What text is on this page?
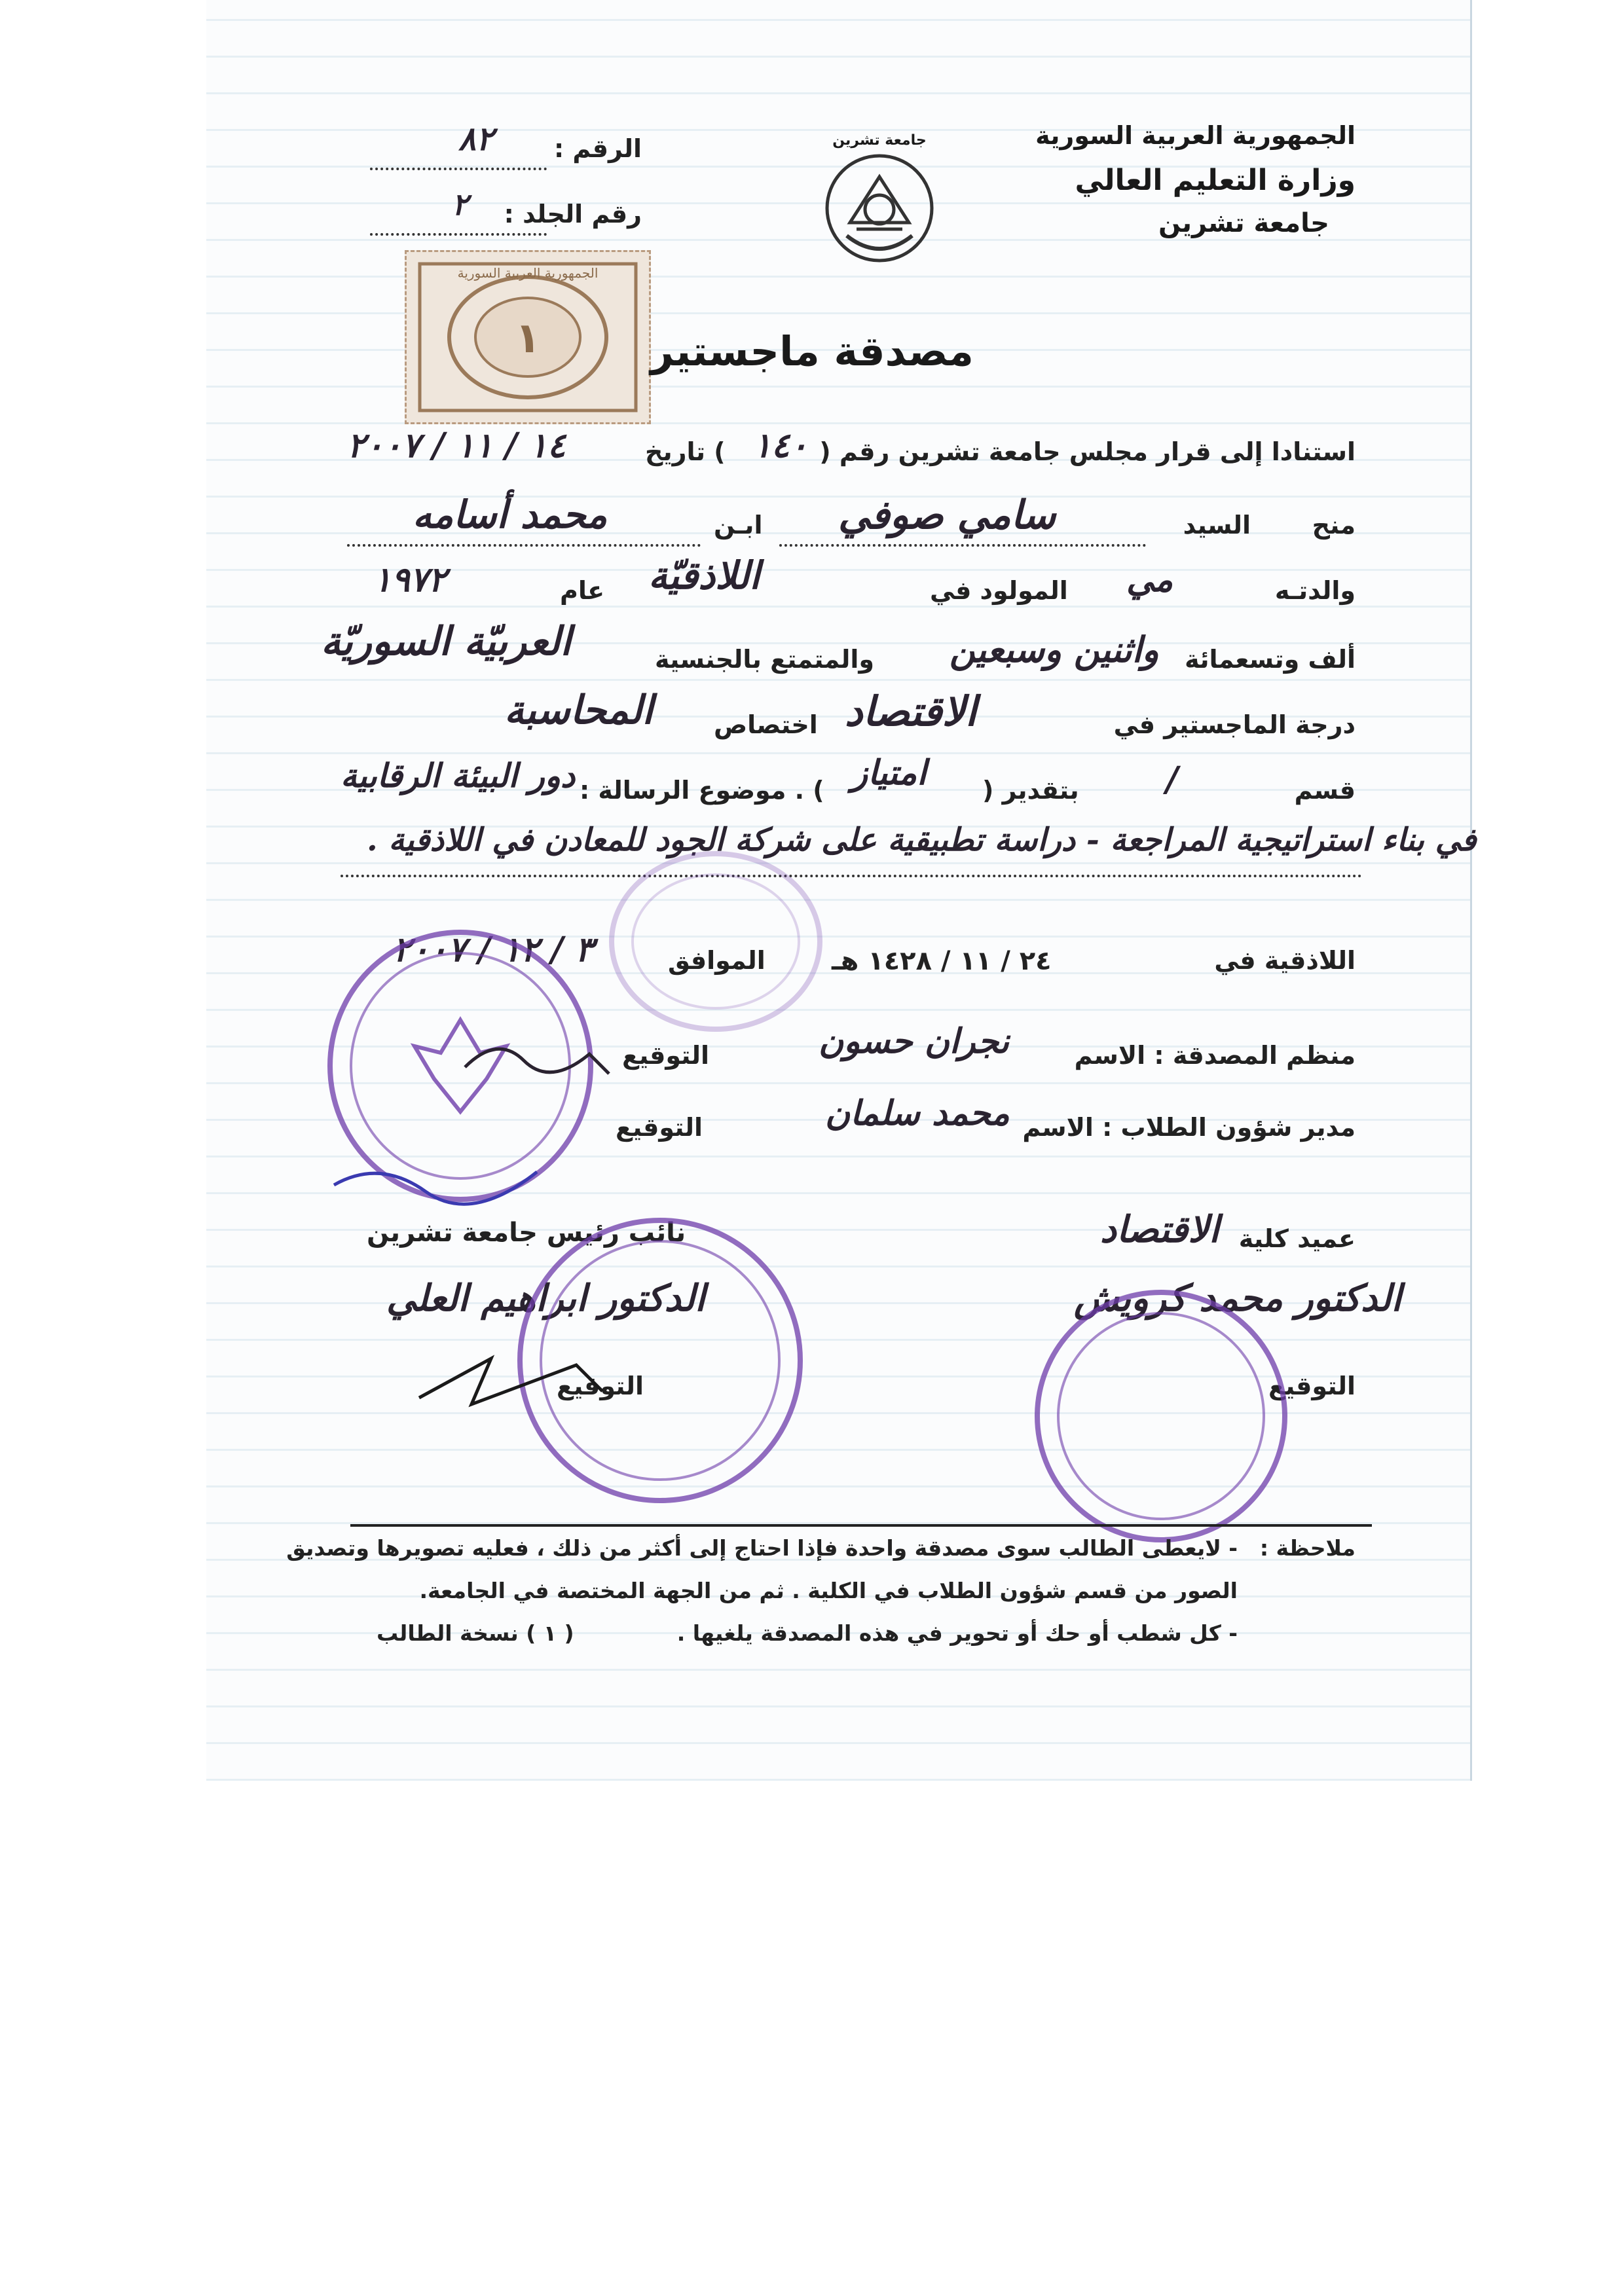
الجمهورية العربية السورية
وزارة التعليم العالي
جامعة تشرين
جامعة تشرين
الرقم :
٨٢
رقم الجلد :
٢
الجمهورية العربية السورية
١	مصدقة ماجستير
استنادا إلى قرار مجلس جامعة تشرين رقم (
١٤٠
) تاريخ
١٤ / ١١ / ٢٠٠٧
منح
السيد
سامي صوفي
ابـن
محمد أسامه
والدتـه
مي
المولود في
اللاذقيّة
عام
١٩٧٢
ألف وتسعمائة
واثنين وسبعين
والمتمتع بالجنسية
العربيّة السوريّة
درجة الماجستير في
الاقتصاد
اختصاص
المحاسبة
قسم
/
بتقدير (
امتياز
) . موضوع الرسالة :
دور البيئة الرقابية
في بناء استراتيجية المراجعة - دراسة تطبيقية على شركة الجود للمعادن في اللاذقية .
اللاذقية في
٢٤ / ١١ / ١٤٢٨ هـ
الموافق
٣ / ١٢ / ٢٠٠٧
منظم المصدقة : الاسم
نجران حسون
التوقيع
مدير شؤون الطلاب : الاسم
محمد سلمان
التوقيع
عميد كلية
الاقتصاد
الدكتور محمد كرويش
التوقيع
نائب رئيس جامعة تشرين
الدكتور ابراهيم العلي
التوقيع
ملاحظة :
- لايعطى الطالب سوى مصدقة واحدة فإذا احتاج إلى أكثر من ذلك ، فعليه تصويرها وتصديق
الصور من قسم شؤون الطلاب في الكلية . ثم من الجهة المختصة في الجامعة.
- كل شطب أو حك أو تحوير في هذه المصدقة يلغيها .
( ١ ) نسخة الطالب
